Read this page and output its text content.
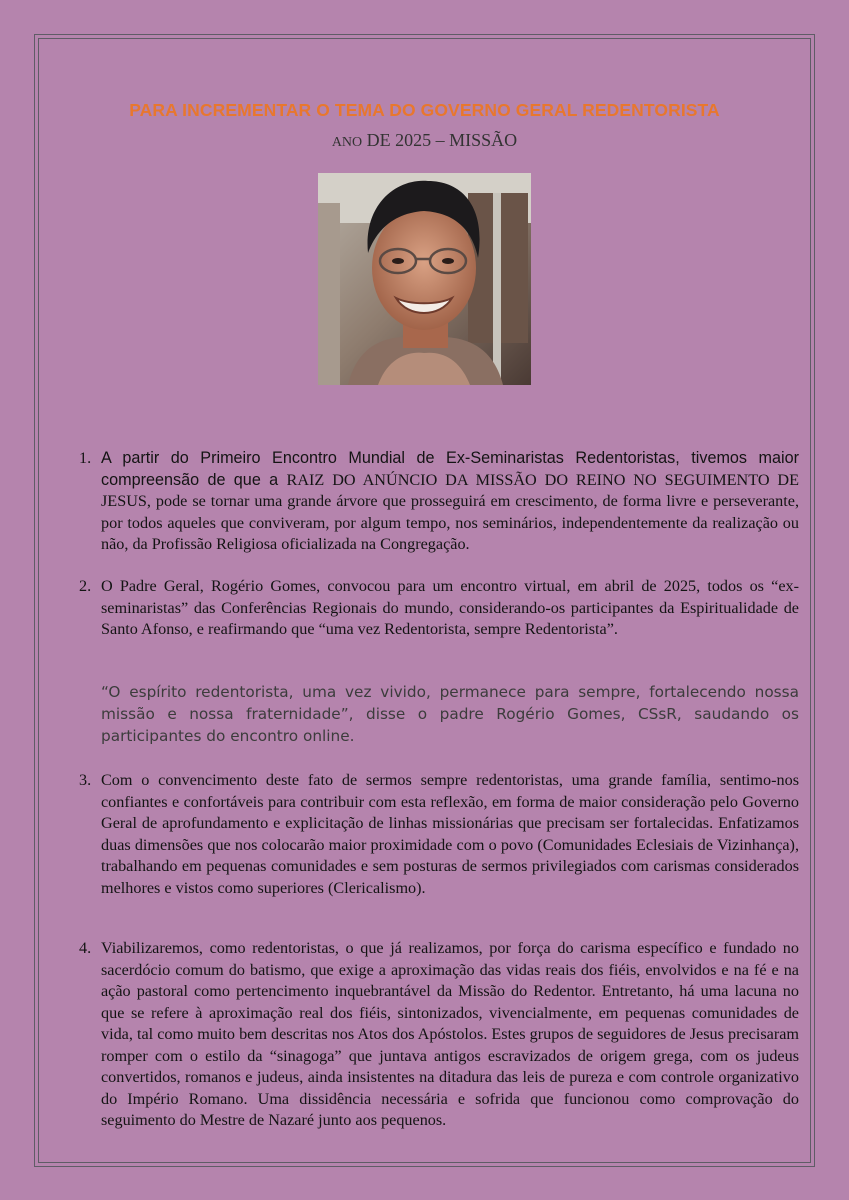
PARA INCREMENTAR O TEMA DO GOVERNO GERAL REDENTORISTA
ANO DE 2025 – MISSÃO
1. A partir do Primeiro Encontro Mundial de Ex-Seminaristas Redentoristas, tivemos maior compreensão de que a RAIZ DO ANÚNCIO DA MISSÃO DO REINO NO SEGUIMENTO DE JESUS, pode se tornar uma grande árvore que prosseguirá em crescimento, de forma livre e perseverante, por todos aqueles que conviveram, por algum tempo, nos seminários, independentemente da realização ou não, da Profissão Religiosa oficializada na Congregação.
2. O Padre Geral, Rogério Gomes, convocou para um encontro virtual, em abril de 2025, todos os “ex-seminaristas” das Conferências Regionais do mundo, considerando-os participantes da Espiritualidade de Santo Afonso, e reafirmando que “uma vez Redentorista, sempre Redentorista”.
“O espírito redentorista, uma vez vivido, permanece para sempre, fortalecendo nossa missão e nossa fraternidade”, disse o padre Rogério Gomes, CSsR, saudando os participantes do encontro online.
3. Com o convencimento deste fato de sermos sempre redentoristas, uma grande família, sentimo-nos confiantes e confortáveis para contribuir com esta reflexão, em forma de maior consideração pelo Governo Geral de aprofundamento e explicitação de linhas missionárias que precisam ser fortalecidas. Enfatizamos duas dimensões que nos colocarão maior proximidade com o povo (Comunidades Eclesiais de Vizinhança), trabalhando em pequenas comunidades e sem posturas de sermos privilegiados com carismas considerados melhores e vistos como superiores (Clericalismo).
4. Viabilizaremos, como redentoristas, o que já realizamos, por força do carisma específico e fundado no sacerdócio comum do batismo, que exige a aproximação das vidas reais dos fiéis, envolvidos e na fé e na ação pastoral como pertencimento inquebrantável da Missão do Redentor. Entretanto, há uma lacuna no que se refere à aproximação real dos fiéis, sintonizados, vivencialmente, em pequenas comunidades de vida, tal como muito bem descritas nos Atos dos Apóstolos. Estes grupos de seguidores de Jesus precisaram romper com o estilo da “sinagoga” que juntava antigos escravizados de origem grega, com os judeus convertidos, romanos e judeus, ainda insistentes na ditadura das leis de pureza e com controle organizativo do Império Romano. Uma dissidência necessária e sofrida que funcionou como comprovação do seguimento do Mestre de Nazaré junto aos pequenos.
